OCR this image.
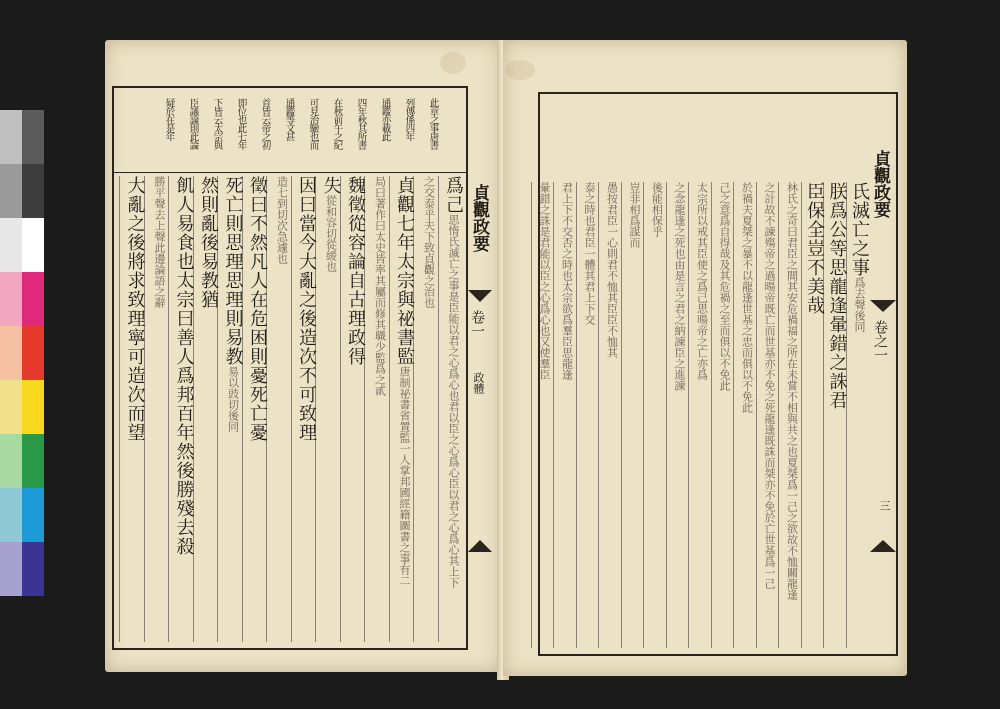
此章之事唐書
列傳係四年
通鑑亦載此
四年秋其所書
在秋前午之紀
可見治驗也而
通鑑等文甚
首皆云帝之初
即位也此七年
下皆云太宗與
臣議論則此論
疑於在是年
爲己思惰氏滅亡之事是臣能以君之心爲心也君以臣之心爲心臣以君之心爲心其上下
之交泰乎夫下致貞觀之治也
貞觀七年太宗與祕書監唐制祕書省置監一人掌邦國經籍圖書之事有二
局曰著作曰太史皆率其屬而修其職少監爲之貳
魏徵從容論自古理政得
失從和容切從緩也
因曰當今大亂之後造次不可致理
造七到切次急遽也
徵曰不然凡人在危困則憂死亡憂
死亡則思理思理則易教易以豉切後同
然則亂後易教猶
飢人易食也太宗曰善人爲邦百年然後勝殘去殺
勝平聲去上聲此邊論語之辭
大亂之後將求致理寧可造次而望	貞觀政要
卷一
政體
貞觀政要
卷之一
三
氏滅亡之事爲去聲後同
朕爲公等思龍逢暈錯之誅君
臣保全豈不美哉
林氏之奇曰君臣之間其安危禍福之所在未嘗不相與共之也夏桀爲一己之欲故不恤關龍逢
之計故不諫殤帝之過暘帝既亡而世基亦不免之死龍逢既誅而桀亦不免於亡世基爲一己
於禍夫夏桀之暴不以龍逢世基之忠而俱以不免此
己之意爲自得哉及其危禍之至而俱以不免此
太宗所以戒其臣使之爲己思暘帝之亡亦爲
之念龍逢之死也由是言之君之納諫臣之進諫
後能相保乎
豈非相爲謀而
愚按君臣一心則君不恤其臣臣不恤其
泰之時也君臣一體其君上下交
君上下不交否之時也太宗欲爲羣臣思龍逢
暈錯之誅是君能以臣之心爲心也又使羣臣
